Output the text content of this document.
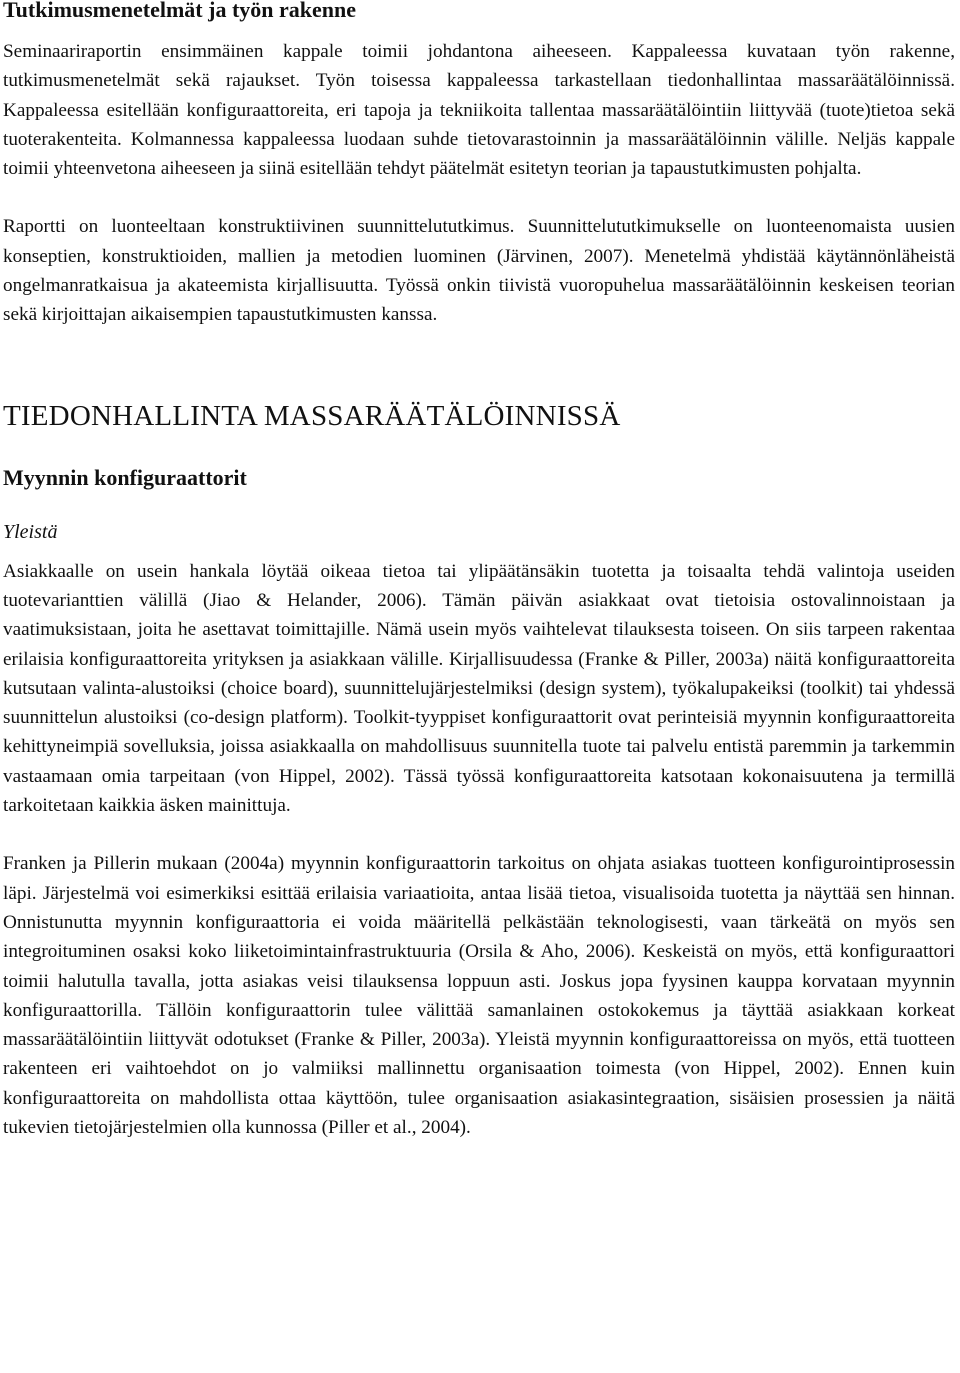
Tutkimusmenetelmät ja työn rakenne

Seminaariraportin ensimmäinen kappale toimii johdantona aiheeseen. Kappaleessa kuvataan työn rakenne, tutkimusmenetelmät sekä rajaukset. Työn toisessa kappaleessa tarkastellaan tiedonhallintaa massaräätälöinnissä. Kappaleessa esitellään konfiguraattoreita, eri tapoja ja tekniikoita tallentaa massaräätälöintiin liittyvää (tuote)tietoa sekä tuoterakenteita. Kolmannessa kappaleessa luodaan suhde tietovarastoinnin ja massaräätälöinnin välille. Neljäs kappale toimii yhteenvetona aiheeseen ja siinä esitellään tehdyt päätelmät esitetyn teorian ja tapaustutkimusten pohjalta.

Raportti on luonteeltaan konstruktiivinen suunnittelututkimus. Suunnittelututkimukselle on luonteenomaista uusien konseptien, konstruktioiden, mallien ja metodien luominen (Järvinen, 2007). Menetelmä yhdistää käytännönläheistä ongelmanratkaisua ja akateemista kirjallisuutta. Työssä onkin tiivistä vuoropuhelua massaräätälöinnin keskeisen teorian sekä kirjoittajan aikaisempien tapaustutkimusten kanssa.

TIEDONHALLINTA MASSARÄÄTÄLÖINNISSÄ
Myynnin konfiguraattorit
Yleistä

Asiakkaalle on usein hankala löytää oikeaa tietoa tai ylipäätänsäkin tuotetta ja toisaalta tehdä valintoja useiden tuotevarianttien välillä (Jiao & Helander, 2006). Tämän päivän asiakkaat ovat tietoisia ostovalinnoistaan ja vaatimuksistaan, joita he asettavat toimittajille. Nämä usein myös vaihtelevat tilauksesta toiseen. On siis tarpeen rakentaa erilaisia konfiguraattoreita yrityksen ja asiakkaan välille. Kirjallisuudessa (Franke & Piller, 2003a) näitä konfiguraattoreita kutsutaan valinta-alustoiksi (choice board), suunnittelujärjestelmiksi (design system), työkalupakeiksi (toolkit) tai yhdessä suunnittelun alustoiksi (co-design platform). Toolkit-tyyppiset konfiguraattorit ovat perinteisiä myynnin konfiguraattoreita kehittyneimpiä sovelluksia, joissa asiakkaalla on mahdollisuus suunnitella tuote tai palvelu entistä paremmin ja tarkemmin vastaamaan omia tarpeitaan (von Hippel, 2002). Tässä työssä konfiguraattoreita katsotaan kokonaisuutena ja termillä tarkoitetaan kaikkia äsken mainittuja.

Franken ja Pillerin mukaan (2004a) myynnin konfiguraattorin tarkoitus on ohjata asiakas tuotteen konfigurointiprosessin läpi. Järjestelmä voi esimerkiksi esittää erilaisia variaatioita, antaa lisää tietoa, visualisoida tuotetta ja näyttää sen hinnan. Onnistunutta myynnin konfiguraattoria ei voida määritellä pelkästään teknologisesti, vaan tärkeätä on myös sen integroituminen osaksi koko liiketoimintainfrastruktuuria (Orsila & Aho, 2006). Keskeistä on myös, että konfiguraattori toimii halutulla tavalla, jotta asiakas veisi tilauksensa loppuun asti. Joskus jopa fyysinen kauppa korvataan myynnin konfiguraattorilla. Tällöin konfiguraattorin tulee välittää samanlainen ostokokemus ja täyttää asiakkaan korkeat massaräätälöintiin liittyvät odotukset (Franke & Piller, 2003a). Yleistä myynnin konfiguraattoreissa on myös, että tuotteen rakenteen eri vaihtoehdot on jo valmiiksi mallinnettu organisaation toimesta (von Hippel, 2002). Ennen kuin konfiguraattoreita on mahdollista ottaa käyttöön, tulee organisaation asiakasintegraation, sisäisien prosessien ja näitä tukevien tietojärjestelmien olla kunnossa (Piller et al., 2004).
